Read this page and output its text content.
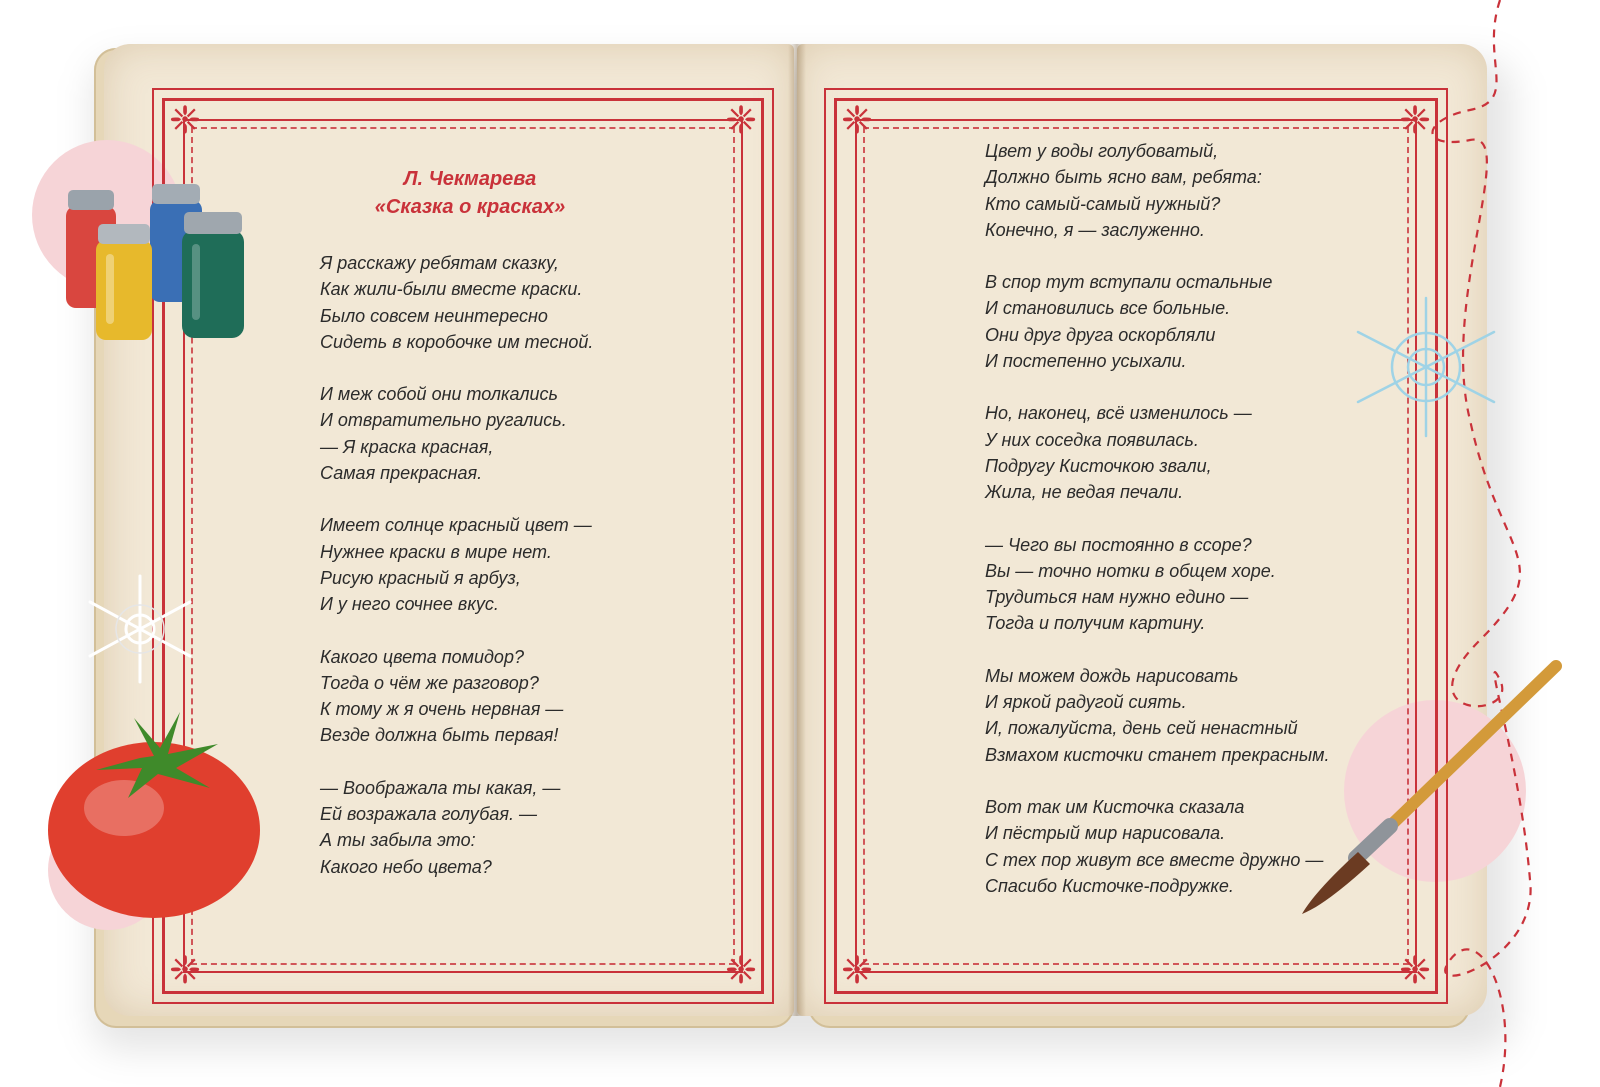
❈	❈
❈	❈
❈	❈
❈	❈
Л. Чекмарева
«Сказка о красках»
Я расскажу ребятам сказку,
Как жили-были вместе краски.
Было совсем неинтересно
Сидеть в коробочке им тесной.
И меж собой они толкались
И отвратительно ругались.
— Я краска красная,
Самая прекрасная.
Имеет солнце красный цвет —
Нужнее краски в мире нет.
Рисую красный я арбуз,
И у него сочнее вкус.
Какого цвета помидор?
Тогда о чём же разговор?
К тому ж я очень нервная —
Везде должна быть первая!
— Воображала ты какая, —
Ей возражала голубая. —
А ты забыла это:
Какого небо цвета?
Цвет у воды голубоватый,
Должно быть ясно вам, ребята:
Кто самый-самый нужный?
Конечно, я — заслуженно.
В спор тут вступали остальные
И становились все больные.
Они друг друга оскорбляли
И постепенно усыхали.
Но, наконец, всё изменилось —
У них соседка появилась.
Подругу Кисточкою звали,
Жила, не ведая печали.
— Чего вы постоянно в ссоре?
Вы — точно нотки в общем хоре.
Трудиться нам нужно едино —
Тогда и получим картину.
Мы можем дождь нарисовать
И яркой радугой сиять.
И, пожалуйста, день сей ненастный
Взмахом кисточки станет прекрасным.
Вот так им Кисточка сказала
И пёстрый мир нарисовала.
С тех пор живут все вместе дружно —
Спасибо Кисточке-подружке.
